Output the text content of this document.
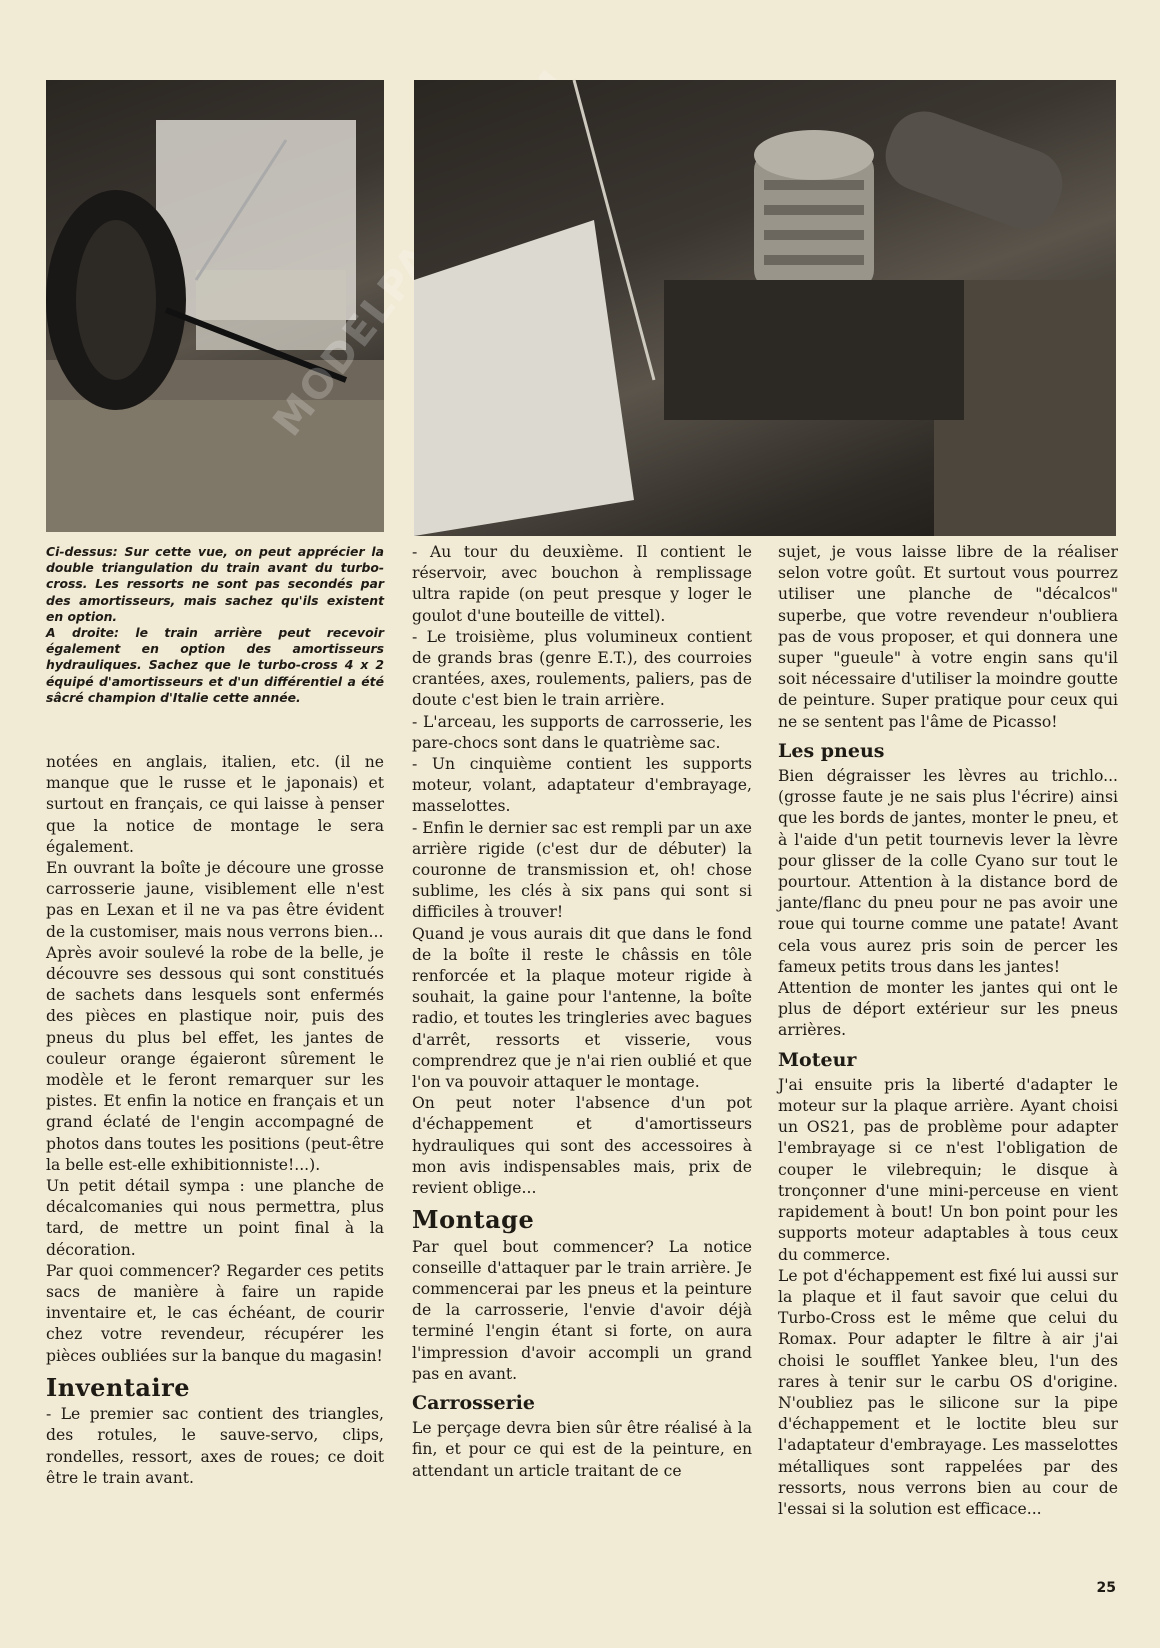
Ci-dessus: Sur cette vue, on peut apprécier la double triangulation du train avant du turbo-cross. Les ressorts ne sont pas secondés par des amortisseurs, mais sachez qu'ils existent en option.

A droite: le train arrière peut recevoir également en option des amortisseurs hydrauliques. Sachez que le turbo-cross 4 x 2 équipé d'amortisseurs et d'un différentiel a été sâcré champion d'Italie cette année.

notées en anglais, italien, etc. (il ne manque que le russe et le japonais) et surtout en français, ce qui laisse à penser que la notice de montage le sera également.

En ouvrant la boîte je découre une grosse carrosserie jaune, visiblement elle n'est pas en Lexan et il ne va pas être évident de la customiser, mais nous verrons bien...

Après avoir soulevé la robe de la belle, je découvre ses dessous qui sont constitués de sachets dans lesquels sont enfermés des pièces en plastique noir, puis des pneus du plus bel effet, les jantes de couleur orange égaieront sûrement le modèle et le feront remarquer sur les pistes. Et enfin la notice en français et un grand éclaté de l'engin accompagné de photos dans toutes les positions (peut-être la belle est-elle exhibitionniste!...).

Un petit détail sympa : une planche de décalcomanies qui nous permettra, plus tard, de mettre un point final à la décoration.

Par quoi commencer? Regarder ces petits sacs de manière à faire un rapide inventaire et, le cas échéant, de courir chez votre revendeur, récupérer les pièces oubliées sur la banque du magasin!

Inventaire

- Le premier sac contient des triangles, des rotules, le sauve-servo, clips, rondelles, ressort, axes de roues; ce doit être le train avant.

- Au tour du deuxième. Il contient le réservoir, avec bouchon à remplissage ultra rapide (on peut presque y loger le goulot d'une bouteille de vittel).

- Le troisième, plus volumineux contient de grands bras (genre E.T.), des courroies crantées, axes, roulements, paliers, pas de doute c'est bien le train arrière.

- L'arceau, les supports de carrosserie, les pare-chocs sont dans le quatrième sac.

- Un cinquième contient les supports moteur, volant, adaptateur d'embrayage, masselottes.

- Enfin le dernier sac est rempli par un axe arrière rigide (c'est dur de débuter) la couronne de transmission et, oh! chose sublime, les clés à six pans qui sont si difficiles à trouver!

Quand je vous aurais dit que dans le fond de la boîte il reste le châssis en tôle renforcée et la plaque moteur rigide à souhait, la gaine pour l'antenne, la boîte radio, et toutes les tringleries avec bagues d'arrêt, ressorts et visserie, vous comprendrez que je n'ai rien oublié et que l'on va pouvoir attaquer le montage.

On peut noter l'absence d'un pot d'échappement et d'amortisseurs hydrauliques qui sont des accessoires à mon avis indispensables mais, prix de revient oblige...

Montage

Par quel bout commencer? La notice conseille d'attaquer par le train arrière. Je commencerai par les pneus et la peinture de la carrosserie, l'envie d'avoir déjà terminé l'engin étant si forte, on aura l'impression d'avoir accompli un grand pas en avant.

Carrosserie

Le perçage devra bien sûr être réalisé à la fin, et pour ce qui est de la peinture, en attendant un article traitant de ce

sujet, je vous laisse libre de la réaliser selon votre goût. Et surtout vous pourrez utiliser une planche de "décalcos" superbe, que votre revendeur n'oubliera pas de vous proposer, et qui donnera une super "gueule" à votre engin sans qu'il soit nécessaire d'utiliser la moindre goutte de peinture. Super pratique pour ceux qui ne se sentent pas l'âme de Picasso!

Les pneus

Bien dégraisser les lèvres au trichlo... (grosse faute je ne sais plus l'écrire) ainsi que les bords de jantes, monter le pneu, et à l'aide d'un petit tournevis lever la lèvre pour glisser de la colle Cyano sur tout le pourtour. Attention à la distance bord de jante/flanc du pneu pour ne pas avoir une roue qui tourne comme une patate! Avant cela vous aurez pris soin de percer les fameux petits trous dans les jantes!

Attention de monter les jantes qui ont le plus de déport extérieur sur les pneus arrières.

Moteur

J'ai ensuite pris la liberté d'adapter le moteur sur la plaque arrière. Ayant choisi un OS21, pas de problème pour adapter l'embrayage si ce n'est l'obligation de couper le vilebrequin; le disque à tronçonner d'une mini-perceuse en vient rapidement à bout! Un bon point pour les supports moteur adaptables à tous ceux du commerce.

Le pot d'échappement est fixé lui aussi sur la plaque et il faut savoir que celui du Turbo-Cross est le même que celui du Romax. Pour adapter le filtre à air j'ai choisi le soufflet Yankee bleu, l'un des rares à tenir sur le carbu OS d'origine. N'oubliez pas le silicone sur la pipe d'échappement et le loctite bleu sur l'adaptateur d'embrayage. Les masselottes métalliques sont rappelées par des ressorts, nous verrons bien au cour de l'essai si la solution est efficace...

25
